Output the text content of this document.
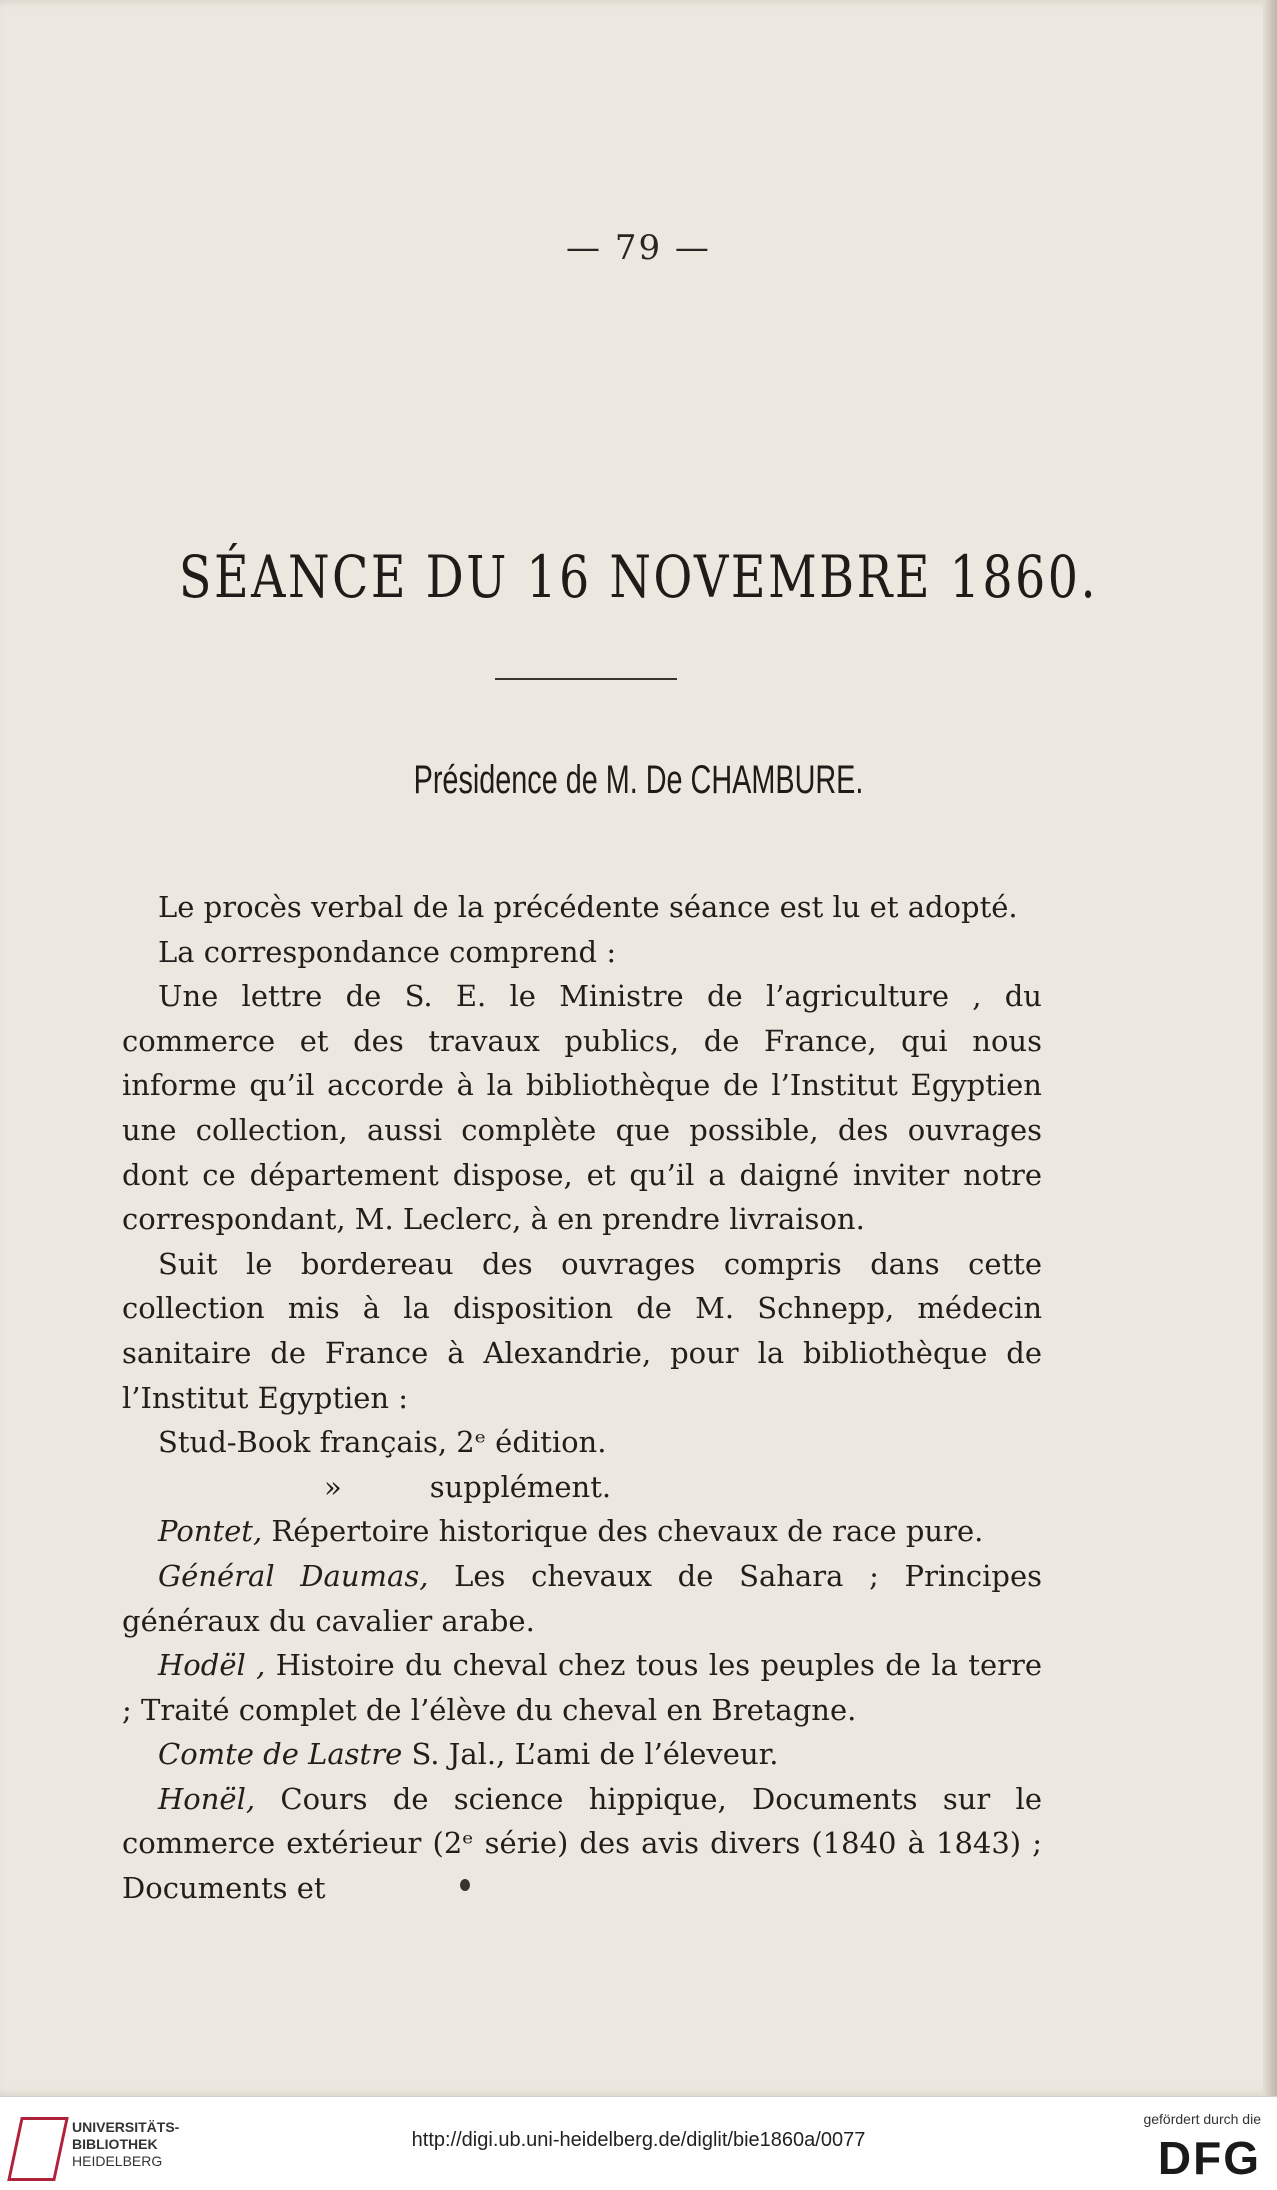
— 79 —
SÉANCE DU 16 NOVEMBRE 1860.
Présidence de M. De CHAMBURE.

Le procès verbal de la précédente séance est lu et adopté.

La correspondance comprend :

Une lettre de S. E. le Ministre de l’agriculture , du commerce et des travaux publics, de France, qui nous informe qu’il accorde à la bibliothèque de l’Institut Egyptien une collection, aussi complète que possible, des ouvrages dont ce département dispose, et qu’il a daigné inviter notre correspondant, M. Leclerc, à en prendre livraison.

Suit le bordereau des ouvrages compris dans cette collection mis à la disposition de M. Schnepp, médecin sanitaire de France à Alexandrie, pour la bibliothèque de l’Institut Egyptien :

Stud-Book français, 2ᵉ édition.

»	supplément.

Pontet, Répertoire historique des chevaux de race pure.

Général Daumas, Les chevaux de Sahara ; Principes généraux du cavalier arabe.

Hodël , Histoire du cheval chez tous les peuples de la terre ; Traité complet de l’élève du cheval en Bretagne.

Comte de Lastre S. Jal., L’ami de l’éleveur.

Honël, Cours de science hippique, Documents sur le commerce extérieur (2ᵉ série) des avis divers (1840 à 1843) ; Documents et

UNIVERSITÄTS-
BIBLIOTHEK
HEIDELBERG
http://digi.ub.uni-heidelberg.de/diglit/bie1860a/0077
gefördert durch die
DFG
